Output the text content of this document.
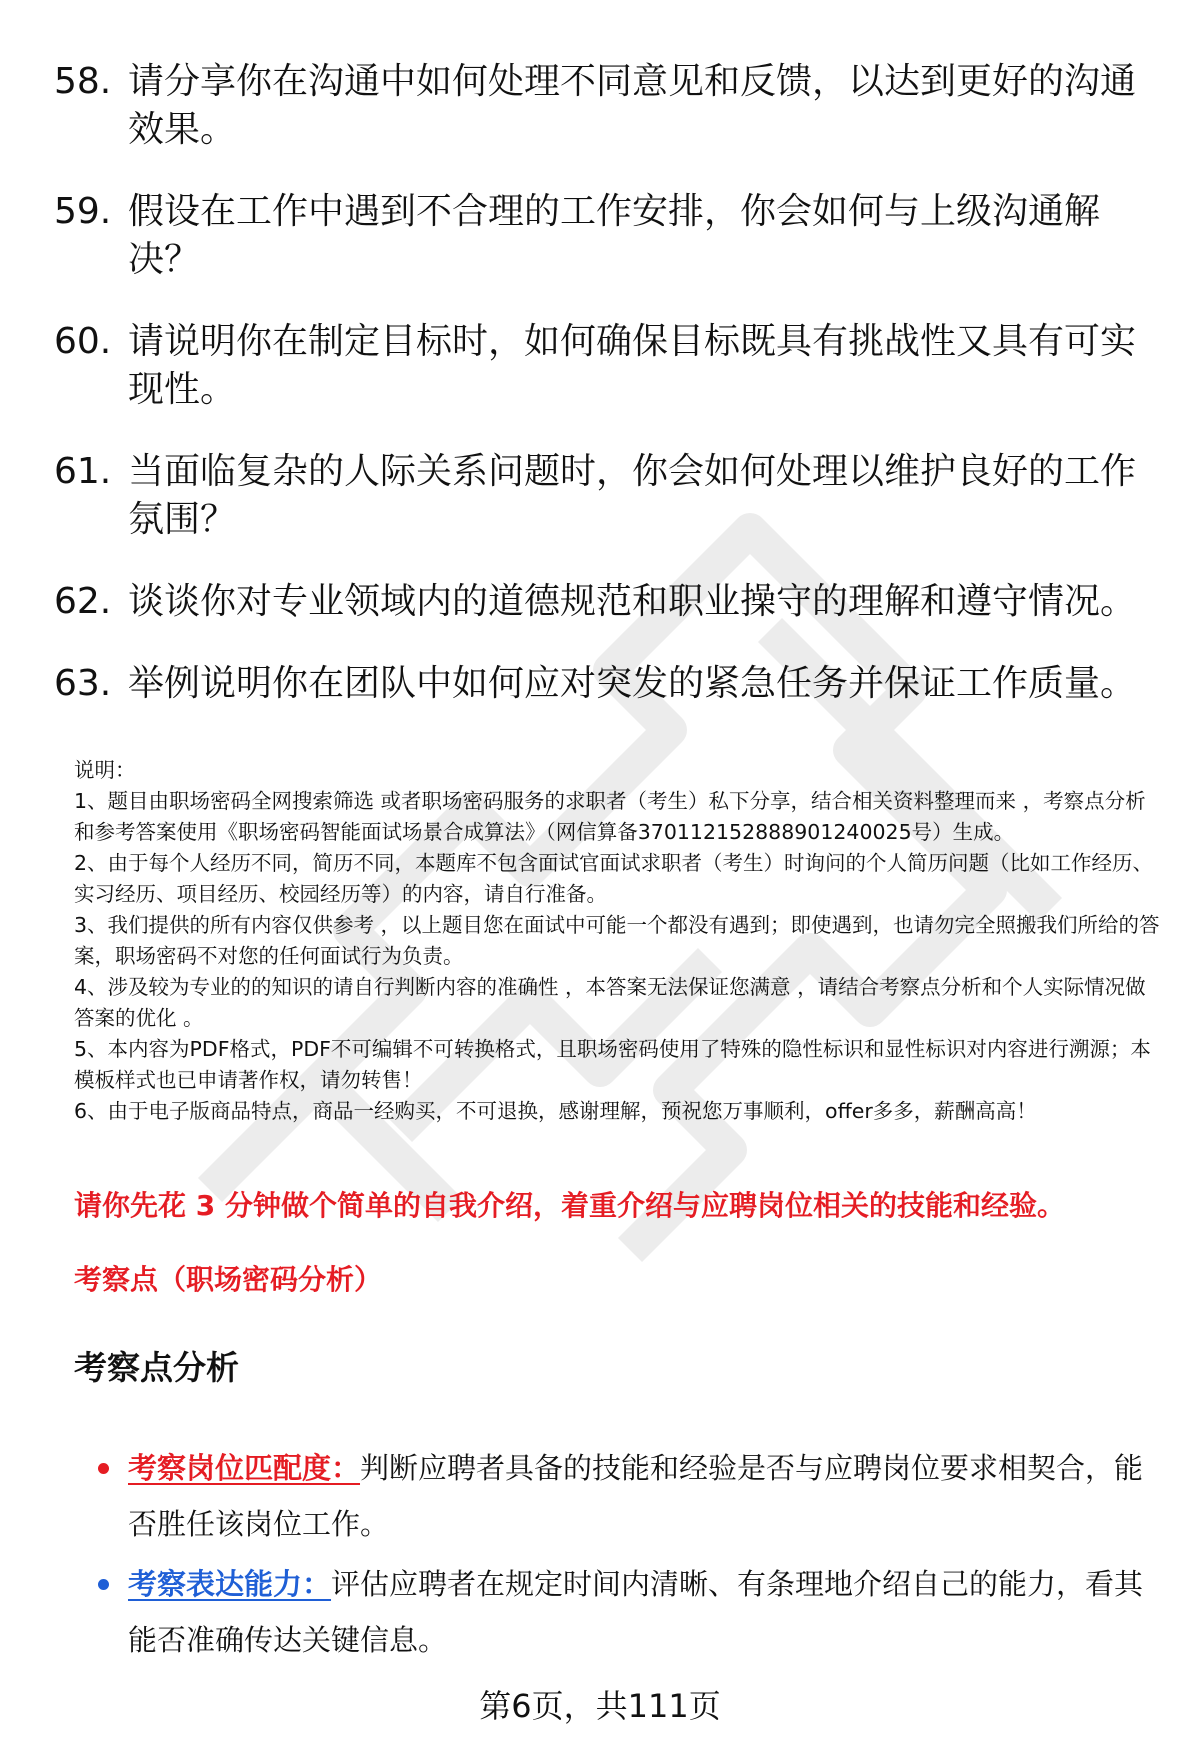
58. 请分享你在沟通中如何处理不同意见和反馈，以达到更好的沟通效果。
59. 假设在工作中遇到不合理的工作安排，你会如何与上级沟通解决？
60. 请说明你在制定目标时，如何确保目标既具有挑战性又具有可实现性。
61. 当面临复杂的人际关系问题时，你会如何处理以维护良好的工作氛围？
62. 谈谈你对专业领域内的道德规范和职业操守的理解和遵守情况。
63. 举例说明你在团队中如何应对突发的紧急任务并保证工作质量。

说明：

1、题目由职场密码全网搜索筛选 或者职场密码服务的求职者（考生）私下分享，结合相关资料整理而来 ，考察点分析和参考答案使用《职场密码智能面试场景合成算法》（网信算备370112152888901240025号）生成。

2、由于每个人经历不同，简历不同，本题库不包含面试官面试求职者（考生）时询问的个人简历问题（比如工作经历、实习经历、项目经历、校园经历等）的内容，请自行准备。

3、我们提供的所有内容仅供参考 ，以上题目您在面试中可能一个都没有遇到；即使遇到，也请勿完全照搬我们所给的答案，职场密码不对您的任何面试行为负责。

4、涉及较为专业的的知识的请自行判断内容的准确性 ，本答案无法保证您满意 ，请结合考察点分析和个人实际情况做答案的优化 。

5、本内容为PDF格式，PDF不可编辑不可转换格式，且职场密码使用了特殊的隐性标识和显性标识对内容进行溯源；本模板样式也已申请著作权，请勿转售！

6、由于电子版商品特点，商品一经购买，不可退换，感谢理解，预祝您万事顺利，offer多多，薪酬高高！

请你先花 3 分钟做个简单的自我介绍，着重介绍与应聘岗位相关的技能和经验。

考察点（职场密码分析）

考察点分析

考察岗位匹配度：判断应聘者具备的技能和经验是否与应聘岗位要求相契合，能否胜任该岗位工作。
考察表达能力：评估应聘者在规定时间内清晰、有条理地介绍自己的能力，看其能否准确传达关键信息。
第6页，共111页
